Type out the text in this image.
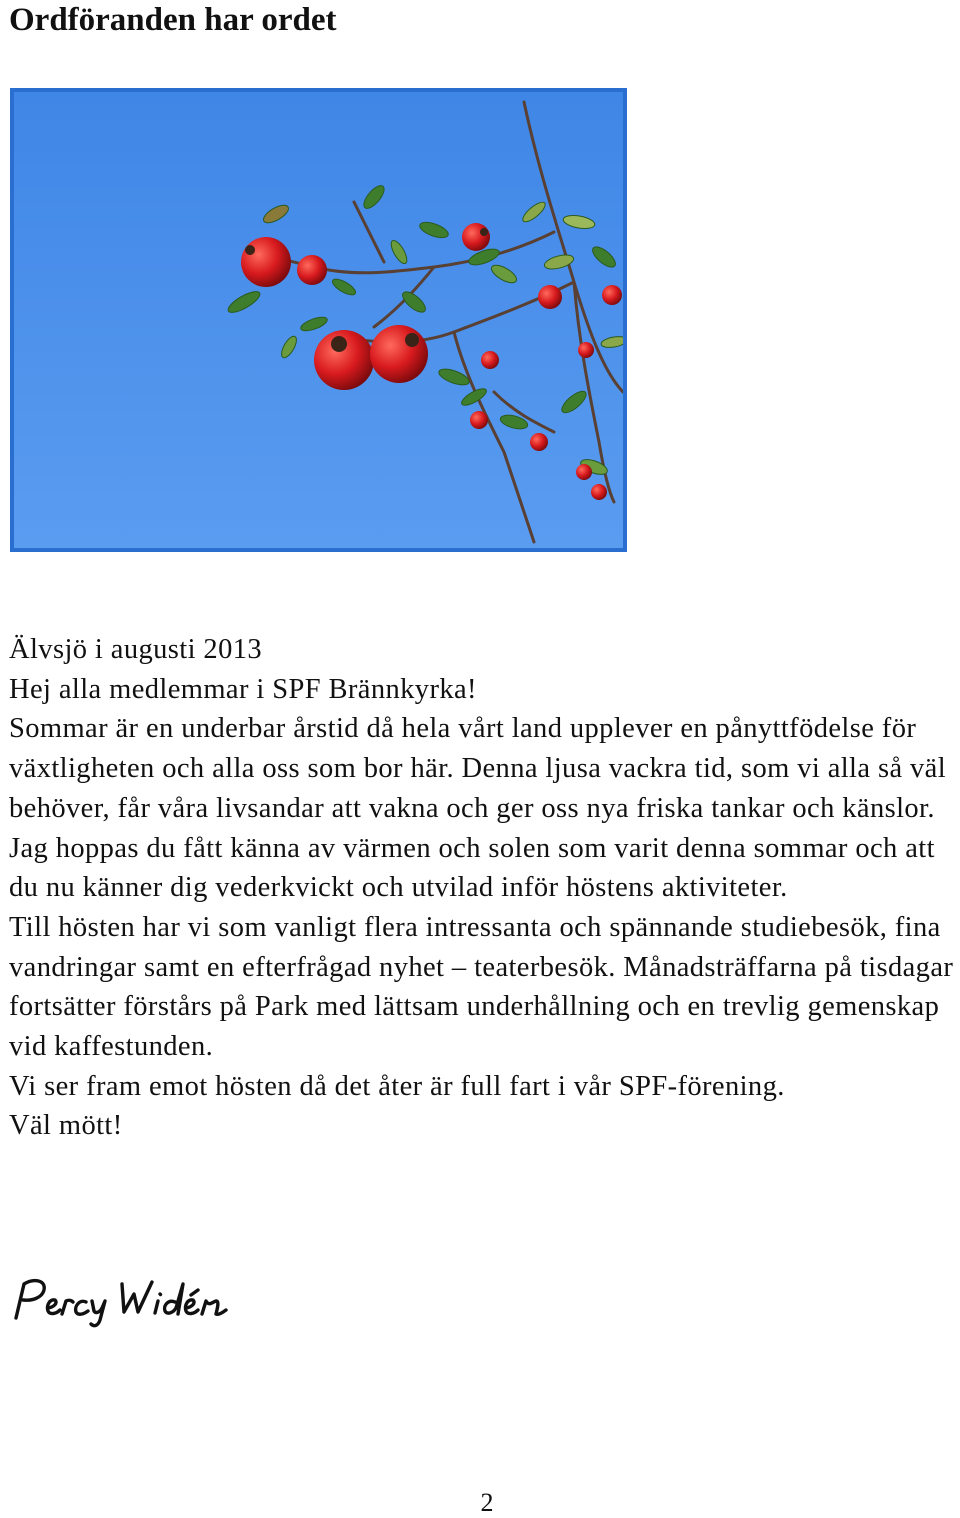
Ordföranden har ordet

Älvsjö i augusti 2013

Hej alla medlemmar i SPF Brännkyrka!

Sommar är en underbar årstid då hela vårt land upplever en pånyttfödelse för växtligheten och alla oss som bor här. Denna ljusa vackra tid, som vi alla så väl behöver, får våra livsandar att vakna och ger oss nya friska tankar och känslor.

Jag hoppas du fått känna av värmen och solen som varit denna sommar och att du nu känner dig vederkvickt och utvilad inför höstens aktiviteter.

Till hösten har vi som vanligt flera intressanta och spännande studiebesök, fina vandringar samt en efterfrågad nyhet – teaterbesök. Månadsträffarna på tisdagar fortsätter förstårs på Park med lättsam underhållning och en trevlig gemenskap vid kaffestunden.

Vi ser fram emot hösten då det åter är full fart i vår SPF-förening.

Väl mött!

2
